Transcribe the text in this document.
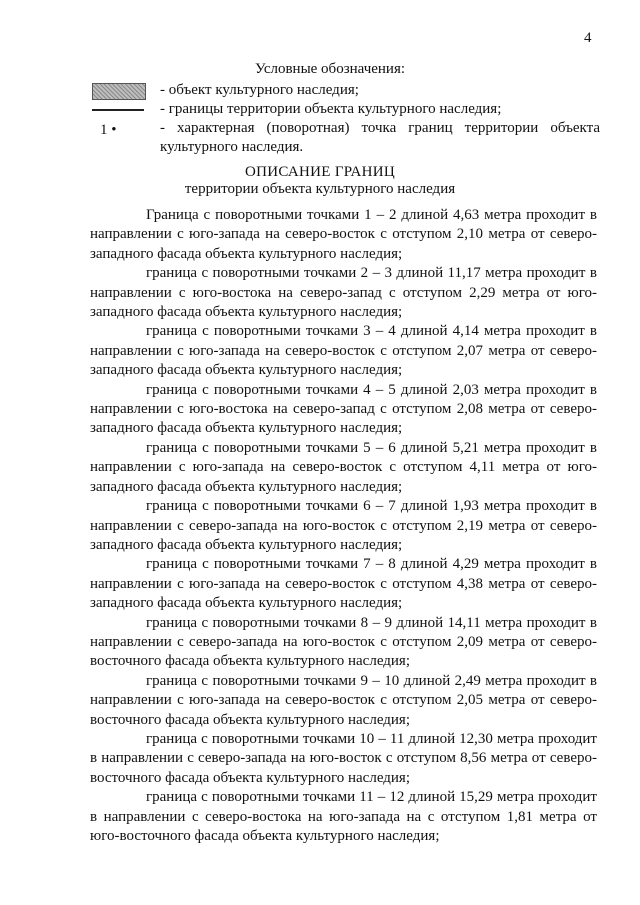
4
Условные обозначения:
- объект культурного наследия;
- границы территории объекта культурного наследия;
1 •	- характерная (поворотная) точка границ территории объекта культурного наследия.
ОПИСАНИЕ ГРАНИЦ
территории объекта культурного наследия

Граница с поворотными точками 1 – 2 длиной 4,63 метра проходит в направлении с юго-запада на северо-восток с отступом 2,10 метра от северо-западного фасада объекта культурного наследия;

граница с поворотными точками 2 – 3 длиной 11,17 метра проходит в направлении с юго-востока на северо-запад с отступом 2,29 метра от юго-западного фасада объекта культурного наследия;

граница с поворотными точками 3 – 4 длиной 4,14 метра проходит в направлении с юго-запада на северо-восток с отступом 2,07 метра от северо-западного фасада объекта культурного наследия;

граница с поворотными точками 4 – 5 длиной 2,03 метра проходит в направлении с юго-востока на северо-запад с отступом 2,08 метра от северо-западного фасада объекта культурного наследия;

граница с поворотными точками 5 – 6 длиной 5,21 метра проходит в направлении с юго-запада на северо-восток с отступом 4,11 метра от юго-западного фасада объекта культурного наследия;

граница с поворотными точками 6 – 7 длиной 1,93 метра проходит в направлении с северо-запада на юго-восток с отступом 2,19 метра от северо-западного фасада объекта культурного наследия;

граница с поворотными точками 7 – 8 длиной 4,29 метра проходит в направлении с юго-запада на северо-восток с отступом 4,38 метра от северо-западного фасада объекта культурного наследия;

граница с поворотными точками 8 – 9 длиной 14,11 метра проходит в направлении с северо-запада на юго-восток с отступом 2,09 метра от северо-восточного фасада объекта культурного наследия;

граница с поворотными точками 9 – 10 длиной 2,49 метра проходит в направлении с юго-запада на северо-восток с отступом 2,05 метра от северо-восточного фасада объекта культурного наследия;

граница с поворотными точками 10 – 11 длиной 12,30 метра проходит в направлении с северо-запада на юго-восток с отступом 8,56 метра от северо-восточного фасада объекта культурного наследия;

граница с поворотными точками 11 – 12 длиной 15,29 метра проходит в направлении с северо-востока на юго-запада на с отступом 1,81 метра от юго-восточного фасада объекта культурного наследия;
